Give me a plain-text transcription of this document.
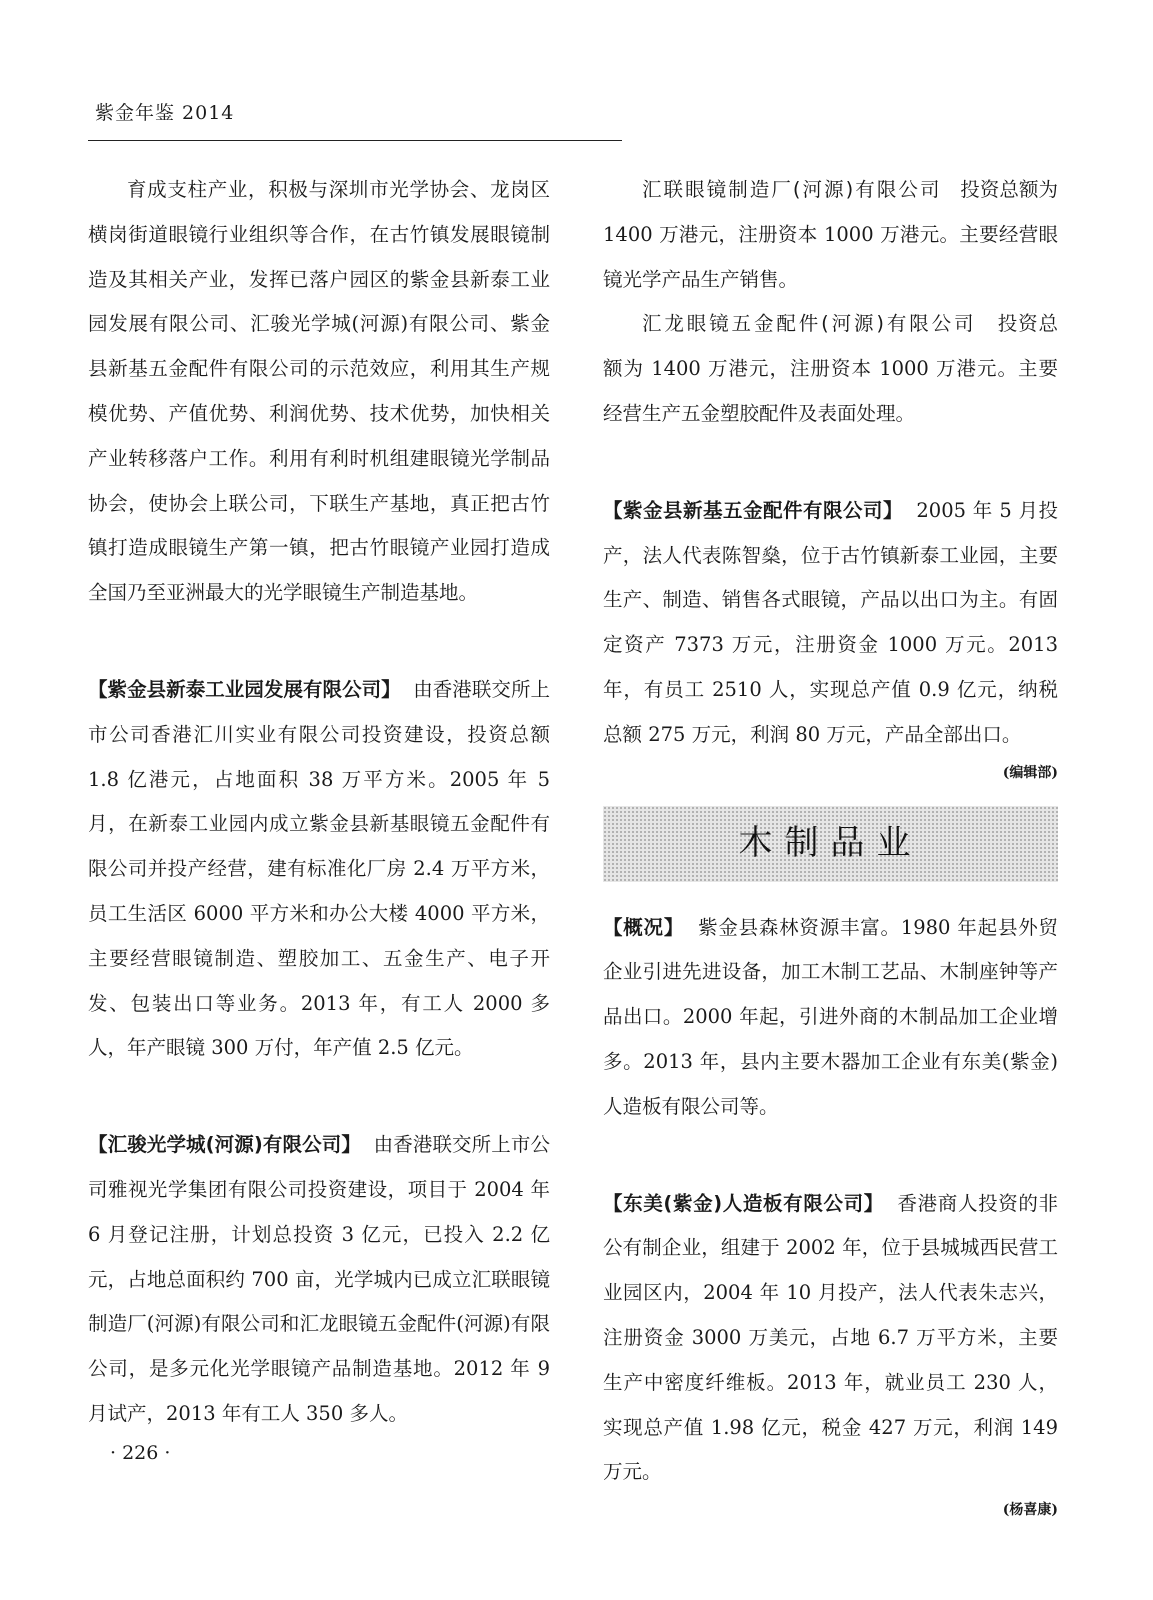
紫金年鉴 2014

育成支柱产业，积极与深圳市光学协会、龙岗区横岗街道眼镜行业组织等合作，在古竹镇发展眼镜制造及其相关产业，发挥已落户园区的紫金县新泰工业园发展有限公司、汇骏光学城(河源)有限公司、紫金县新基五金配件有限公司的示范效应，利用其生产规模优势、产值优势、利润优势、技术优势，加快相关产业转移落户工作。利用有利时机组建眼镜光学制品协会，使协会上联公司，下联生产基地，真正把古竹镇打造成眼镜生产第一镇，把古竹眼镜产业园打造成全国乃至亚洲最大的光学眼镜生产制造基地。

【紫金县新泰工业园发展有限公司】 由香港联交所上市公司香港汇川实业有限公司投资建设，投资总额 1.8 亿港元，占地面积 38 万平方米。2005 年 5 月，在新泰工业园内成立紫金县新基眼镜五金配件有限公司并投产经营，建有标准化厂房 2.4 万平方米，员工生活区 6000 平方米和办公大楼 4000 平方米，主要经营眼镜制造、塑胶加工、五金生产、电子开发、包装出口等业务。2013 年，有工人 2000 多人，年产眼镜 300 万付，年产值 2.5 亿元。

【汇骏光学城(河源)有限公司】 由香港联交所上市公司雅视光学集团有限公司投资建设，项目于 2004 年 6 月登记注册，计划总投资 3 亿元，已投入 2.2 亿元，占地总面积约 700 亩，光学城内已成立汇联眼镜制造厂(河源)有限公司和汇龙眼镜五金配件(河源)有限公司，是多元化光学眼镜产品制造基地。2012 年 9 月试产，2013 年有工人 350 多人。

汇联眼镜制造厂(河源)有限公司 投资总额为 1400 万港元，注册资本 1000 万港元。主要经营眼镜光学产品生产销售。

汇龙眼镜五金配件(河源)有限公司 投资总额为 1400 万港元，注册资本 1000 万港元。主要经营生产五金塑胶配件及表面处理。

【紫金县新基五金配件有限公司】 2005 年 5 月投产，法人代表陈智燊，位于古竹镇新泰工业园，主要生产、制造、销售各式眼镜，产品以出口为主。有固定资产 7373 万元，注册资金 1000 万元。2013 年，有员工 2510 人，实现总产值 0.9 亿元，纳税总额 275 万元，利润 80 万元，产品全部出口。

(编辑部)
木制品业

【概况】 紫金县森林资源丰富。1980 年起县外贸企业引进先进设备，加工木制工艺品、木制座钟等产品出口。2000 年起，引进外商的木制品加工企业增多。2013 年，县内主要木器加工企业有东美(紫金)人造板有限公司等。

【东美(紫金)人造板有限公司】 香港商人投资的非公有制企业，组建于 2002 年，位于县城城西民营工业园区内，2004 年 10 月投产，法人代表朱志兴，注册资金 3000 万美元，占地 6.7 万平方米，主要生产中密度纤维板。2013 年，就业员工 230 人，实现总产值 1.98 亿元，税金 427 万元，利润 149 万元。

(杨喜康)
· 226 ·
